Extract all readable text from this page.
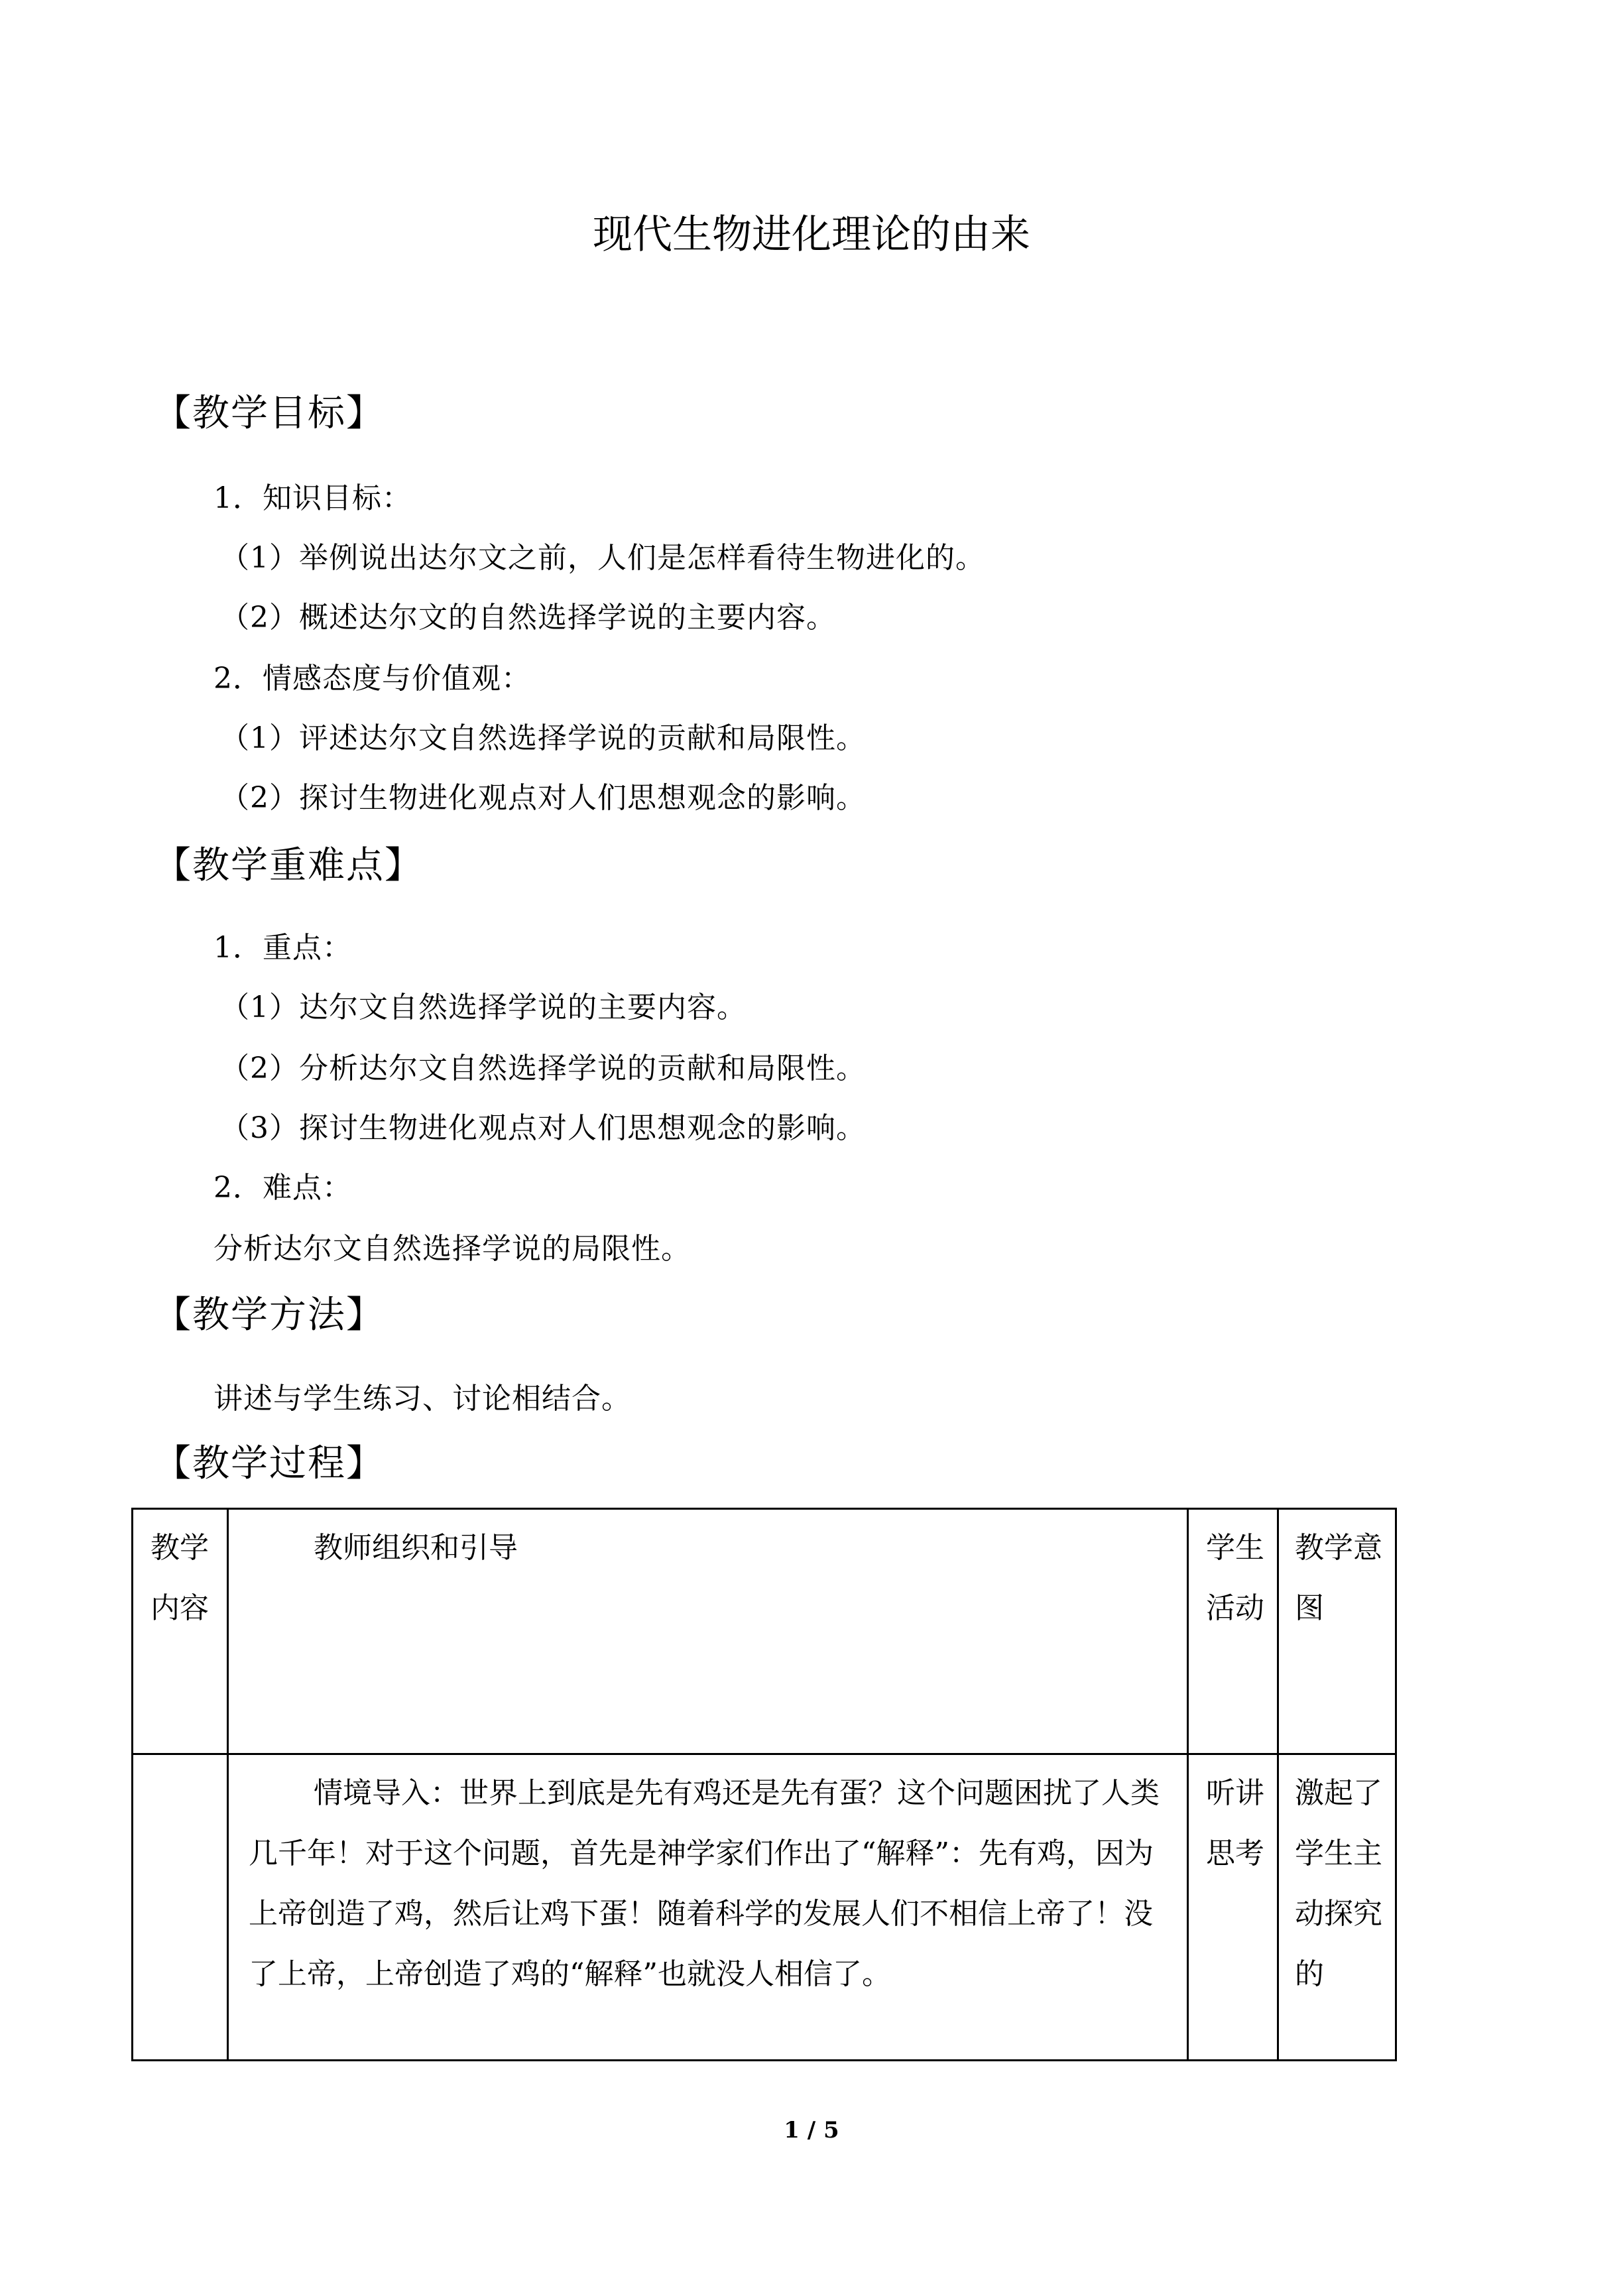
现代生物进化理论的由来
【教学目标】
1．知识目标：
（1）举例说出达尔文之前，人们是怎样看待生物进化的。
（2）概述达尔文的自然选择学说的主要内容。
2．情感态度与价值观：
（1）评述达尔文自然选择学说的贡献和局限性。
（2）探讨生物进化观点对人们思想观念的影响。
【教学重难点】
1．重点：
（1）达尔文自然选择学说的主要内容。
（2）分析达尔文自然选择学说的贡献和局限性。
（3）探讨生物进化观点对人们思想观念的影响。
2．难点：
分析达尔文自然选择学说的局限性。
【教学方法】
讲述与学生练习、讨论相结合。
【教学过程】
教学内容	教师组织和引导	学生活动	教学意图
	情境导入：世界上到底是先有鸡还是先有蛋？这个问题困扰了人类几千年！对于这个问题，首先是神学家们作出了“解释”：先有鸡，因为上帝创造了鸡，然后让鸡下蛋！随着科学的发展人们不相信上帝了！没了上帝，上帝创造了鸡的“解释”也就没人相信了。	听讲思考	激起了学生主动探究的
1 / 5
